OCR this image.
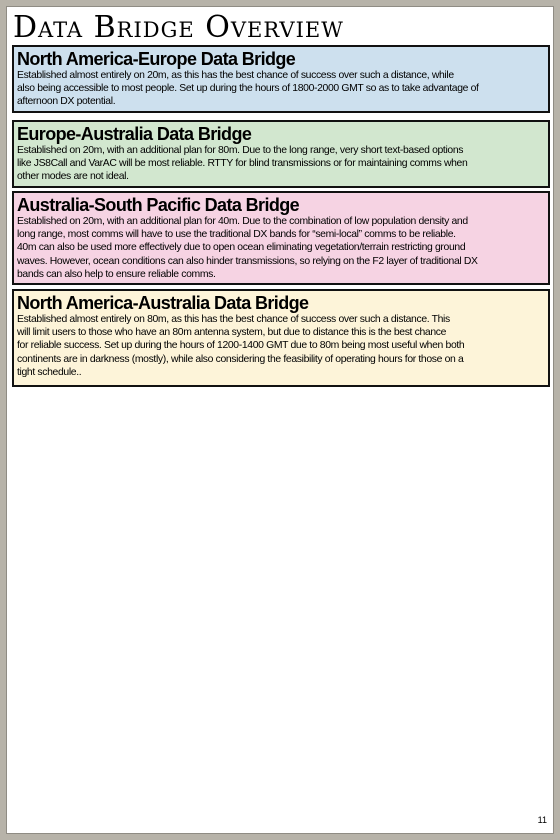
Data Bridge Overview
North America-Europe Data Bridge

Established almost entirely on 20m, as this has the best chance of success over such a distance, while
also being accessible to most people. Set up during the hours of 1800-2000 GMT so as to take advantage of
afternoon DX potential.

Europe-Australia Data Bridge

Established on 20m, with an additional plan for 80m. Due to the long range, very short text-based options
like JS8Call and VarAC will be most reliable. RTTY for blind transmissions or for maintaining comms when
other modes are not ideal.

Australia-South Pacific Data Bridge

Established on 20m, with an additional plan for 40m. Due to the combination of low population density and
long range, most comms will have to use the traditional DX bands for “semi-local” comms to be reliable.
40m can also be used more effectively due to open ocean eliminating vegetation/terrain restricting ground
waves. However, ocean conditions can also hinder transmissions, so relying on the F2 layer of traditional DX
bands can also help to ensure reliable comms.

North America-Australia Data Bridge

Established almost entirely on 80m, as this has the best chance of success over such a distance. This
will limit users to those who have an 80m antenna system, but due to distance this is the best chance
for reliable success. Set up during the hours of 1200-1400 GMT due to 80m being most useful when both
continents are in darkness (mostly), while also considering the feasibility of operating hours for those on a
tight schedule..

11
